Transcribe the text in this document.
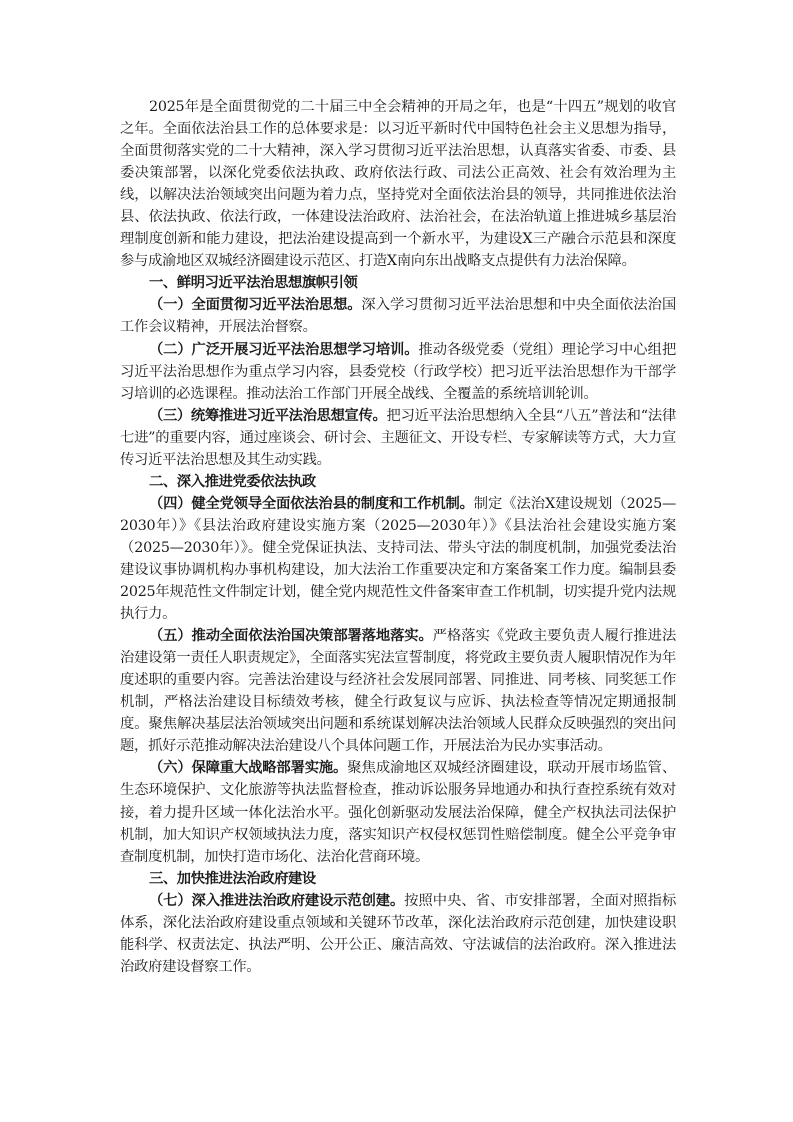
2025年是全面贯彻党的二十届三中全会精神的开局之年，也是“十四五”规划的收官之年。全面依法治县工作的总体要求是：以习近平新时代中国特色社会主义思想为指导，全面贯彻落实党的二十大精神，深入学习贯彻习近平法治思想，认真落实省委、市委、县委决策部署，以深化党委依法执政、政府依法行政、司法公正高效、社会有效治理为主线，以解决法治领域突出问题为着力点，坚持党对全面依法治县的领导，共同推进依法治县、依法执政、依法行政，一体建设法治政府、法治社会，在法治轨道上推进城乡基层治理制度创新和能力建设，把法治建设提高到一个新水平，为建设X三产融合示范县和深度参与成渝地区双城经济圈建设示范区、打造X南向东出战略支点提供有力法治保障。

一、鲜明习近平法治思想旗帜引领

（一）全面贯彻习近平法治思想。深入学习贯彻习近平法治思想和中央全面依法治国工作会议精神，开展法治督察。

（二）广泛开展习近平法治思想学习培训。推动各级党委（党组）理论学习中心组把习近平法治思想作为重点学习内容，县委党校（行政学校）把习近平法治思想作为干部学习培训的必选课程。推动法治工作部门开展全战线、全覆盖的系统培训轮训。

（三）统筹推进习近平法治思想宣传。把习近平法治思想纳入全县“八五”普法和“法律七进”的重要内容，通过座谈会、研讨会、主题征文、开设专栏、专家解读等方式，大力宣传习近平法治思想及其生动实践。

二、深入推进党委依法执政

（四）健全党领导全面依法治县的制度和工作机制。制定《法治X建设规划（2025—2030年）》《县法治政府建设实施方案（2025—2030年）》《县法治社会建设实施方案（2025—2030年）》。健全党保证执法、支持司法、带头守法的制度机制，加强党委法治建设议事协调机构办事机构建设，加大法治工作重要决定和方案备案工作力度。编制县委2025年规范性文件制定计划，健全党内规范性文件备案审查工作机制，切实提升党内法规执行力。

（五）推动全面依法治国决策部署落地落实。严格落实《党政主要负责人履行推进法治建设第一责任人职责规定》，全面落实宪法宣誓制度，将党政主要负责人履职情况作为年度述职的重要内容。完善法治建设与经济社会发展同部署、同推进、同考核、同奖惩工作机制，严格法治建设目标绩效考核，健全行政复议与应诉、执法检查等情况定期通报制度。聚焦解决基层法治领域突出问题和系统谋划解决法治领域人民群众反映强烈的突出问题，抓好示范推动解决法治建设八个具体问题工作，开展法治为民办实事活动。

（六）保障重大战略部署实施。聚焦成渝地区双城经济圈建设，联动开展市场监管、生态环境保护、文化旅游等执法监督检查，推动诉讼服务异地通办和执行查控系统有效对接，着力提升区域一体化法治水平。强化创新驱动发展法治保障，健全产权执法司法保护机制，加大知识产权领域执法力度，落实知识产权侵权惩罚性赔偿制度。健全公平竞争审查制度机制，加快打造市场化、法治化营商环境。

三、加快推进法治政府建设

（七）深入推进法治政府建设示范创建。按照中央、省、市安排部署，全面对照指标体系，深化法治政府建设重点领域和关键环节改革，深化法治政府示范创建，加快建设职能科学、权责法定、执法严明、公开公正、廉洁高效、守法诚信的法治政府。深入推进法治政府建设督察工作。
